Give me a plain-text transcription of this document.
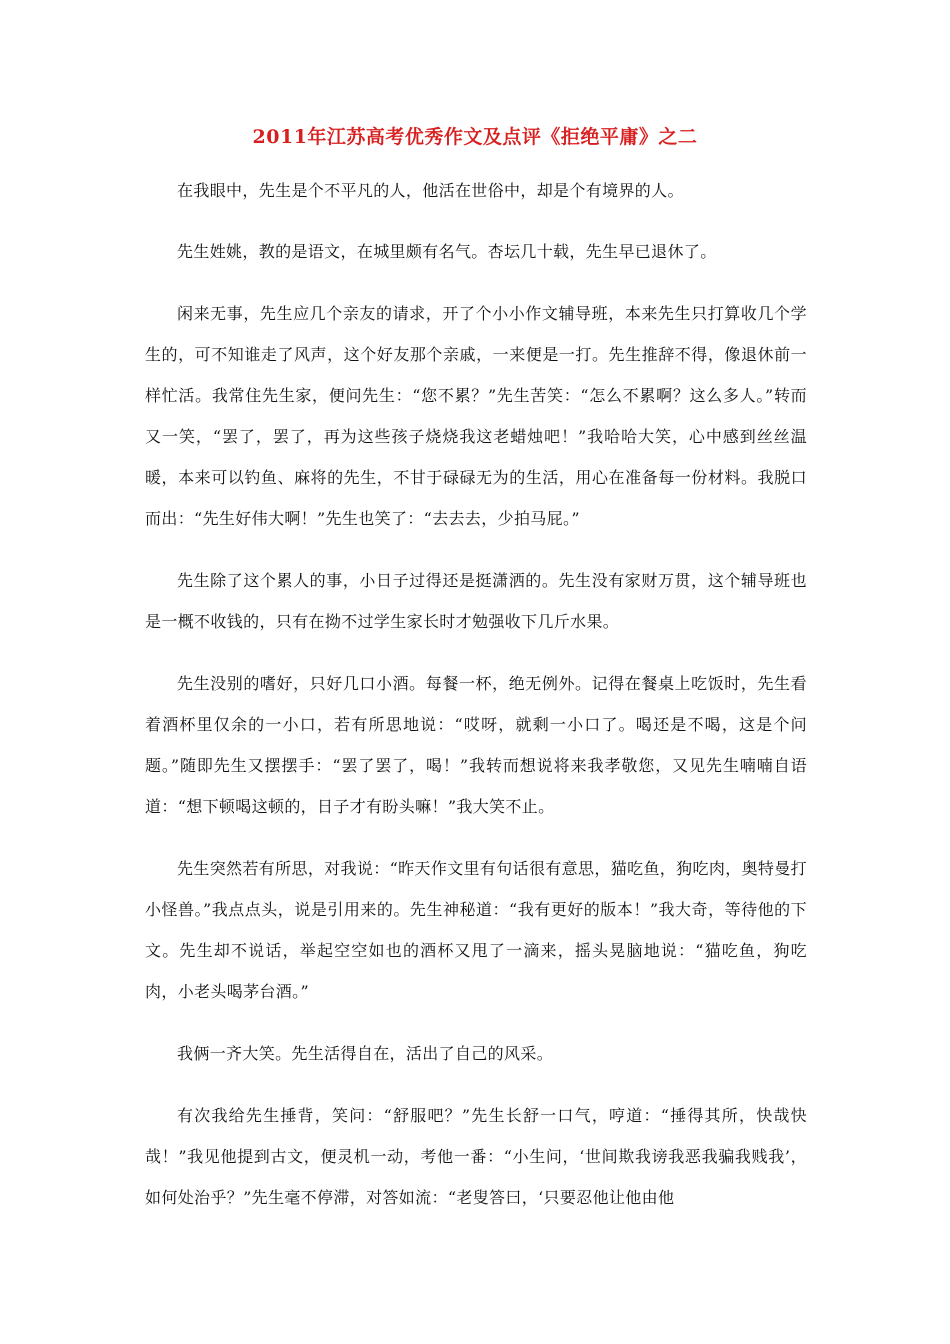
2011年江苏高考优秀作文及点评《拒绝平庸》之二

在我眼中，先生是个不平凡的人，他活在世俗中，却是个有境界的人。

先生姓姚，教的是语文，在城里颇有名气。杏坛几十载，先生早已退休了。

闲来无事，先生应几个亲友的请求，开了个小小作文辅导班，本来先生只打算收几个学生的，可不知谁走了风声，这个好友那个亲戚，一来便是一打。先生推辞不得，像退休前一样忙活。我常住先生家，便问先生：“您不累？”先生苦笑：“怎么不累啊？这么多人。”转而又一笑，“罢了，罢了，再为这些孩子烧烧我这老蜡烛吧！”我哈哈大笑，心中感到丝丝温暖，本来可以钓鱼、麻将的先生，不甘于碌碌无为的生活，用心在准备每一份材料。我脱口而出：“先生好伟大啊！”先生也笑了：“去去去，少拍马屁。”

先生除了这个累人的事，小日子过得还是挺潇洒的。先生没有家财万贯，这个辅导班也是一概不收钱的，只有在拗不过学生家长时才勉强收下几斤水果。

先生没别的嗜好，只好几口小酒。每餐一杯，绝无例外。记得在餐桌上吃饭时，先生看着酒杯里仅余的一小口，若有所思地说：“哎呀，就剩一小口了。喝还是不喝，这是个问题。”随即先生又摆摆手：“罢了罢了，喝！”我转而想说将来我孝敬您，又见先生喃喃自语道：“想下顿喝这顿的，日子才有盼头嘛！”我大笑不止。

先生突然若有所思，对我说：“昨天作文里有句话很有意思，猫吃鱼，狗吃肉，奥特曼打小怪兽。”我点点头，说是引用来的。先生神秘道：“我有更好的版本！”我大奇，等待他的下文。先生却不说话，举起空空如也的酒杯又甩了一滴来，摇头晃脑地说：“猫吃鱼，狗吃肉，小老头喝茅台酒。”

我俩一齐大笑。先生活得自在，活出了自己的风采。

有次我给先生捶背，笑问：“舒服吧？”先生长舒一口气，哼道：“捶得其所，快哉快哉！”我见他提到古文，便灵机一动，考他一番：“小生问，‘世间欺我谤我恶我骗我贱我’，如何处治乎？”先生毫不停滞，对答如流：“老叟答曰，‘只要忍他让他由他
